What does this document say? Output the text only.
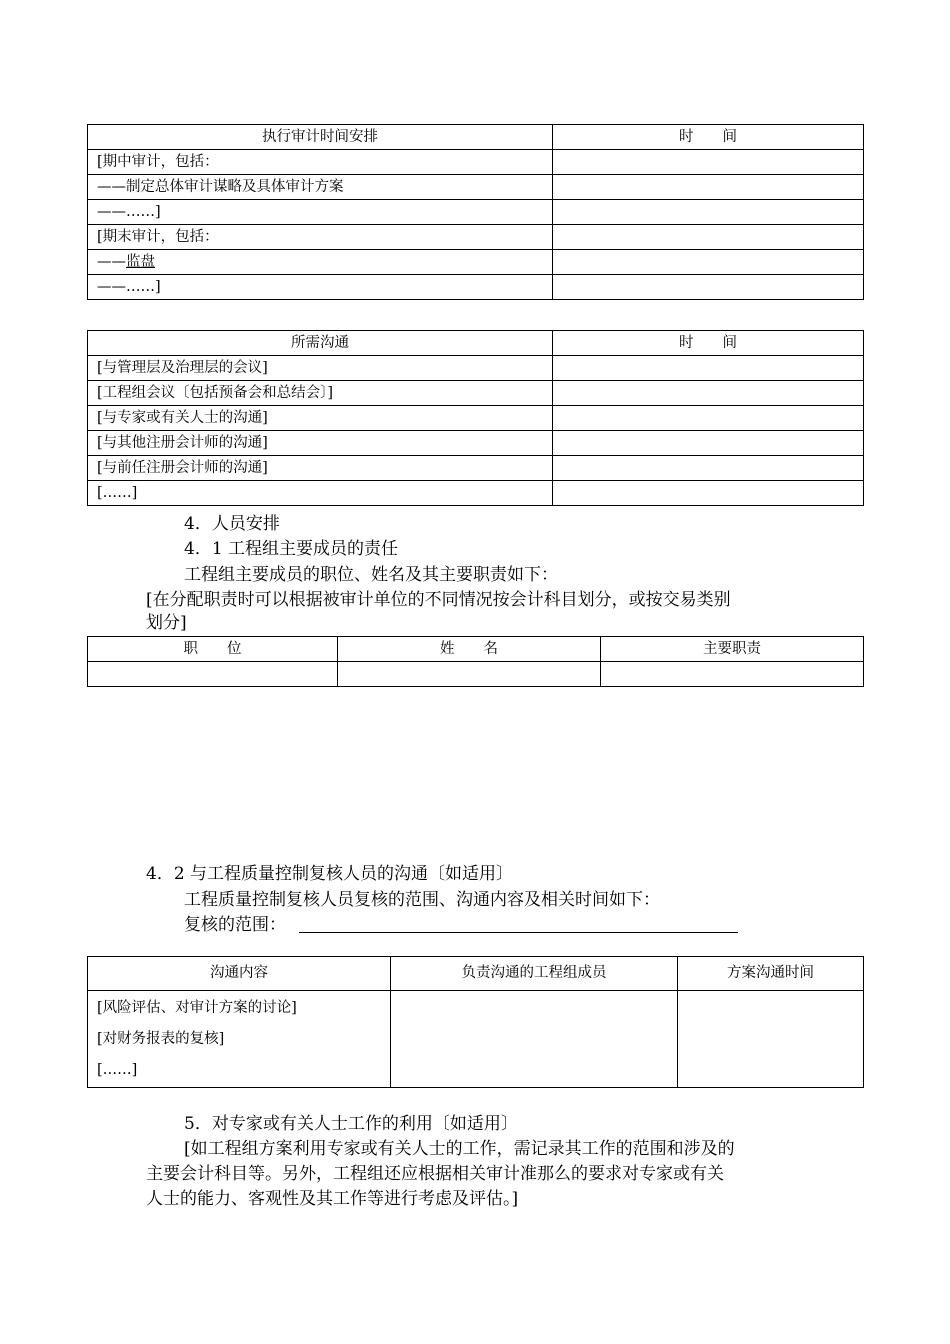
执行审计时间安排	时　　间
[期中审计，包括：	
——制定总体审计谋略及具体审计方案	
——……]	
[期末审计，包括：	
——监盘	
——……]	
所需沟通	时　　间
[与管理层及治理层的会议]	
[工程组会议〔包括预备会和总结会〕]	
[与专家或有关人士的沟通]	
[与其他注册会计师的沟通]	
[与前任注册会计师的沟通]	
[……]	
4．人员安排
4．1 工程组主要成员的责任
工程组主要成员的职位、姓名及其主要职责如下：
[在分配职责时可以根据被审计单位的不同情况按会计科目划分，或按交易类别
划分]
职　　位	姓　　名	主要职责

4．2 与工程质量控制复核人员的沟通〔如适用〕
工程质量控制复核人员复核的范围、沟通内容及相关时间如下：
复核的范围：
沟通内容	负责沟通的工程组成员	方案沟通时间

[风险评估、对审计方案的讨论]
[对财务报表的复核]
[……]		

5．对专家或有关人士工作的利用〔如适用〕
[如工程组方案利用专家或有关人士的工作，需记录其工作的范围和涉及的
主要会计科目等。另外，工程组还应根据相关审计准那么的要求对专家或有关
人士的能力、客观性及其工作等进行考虑及评估。]
